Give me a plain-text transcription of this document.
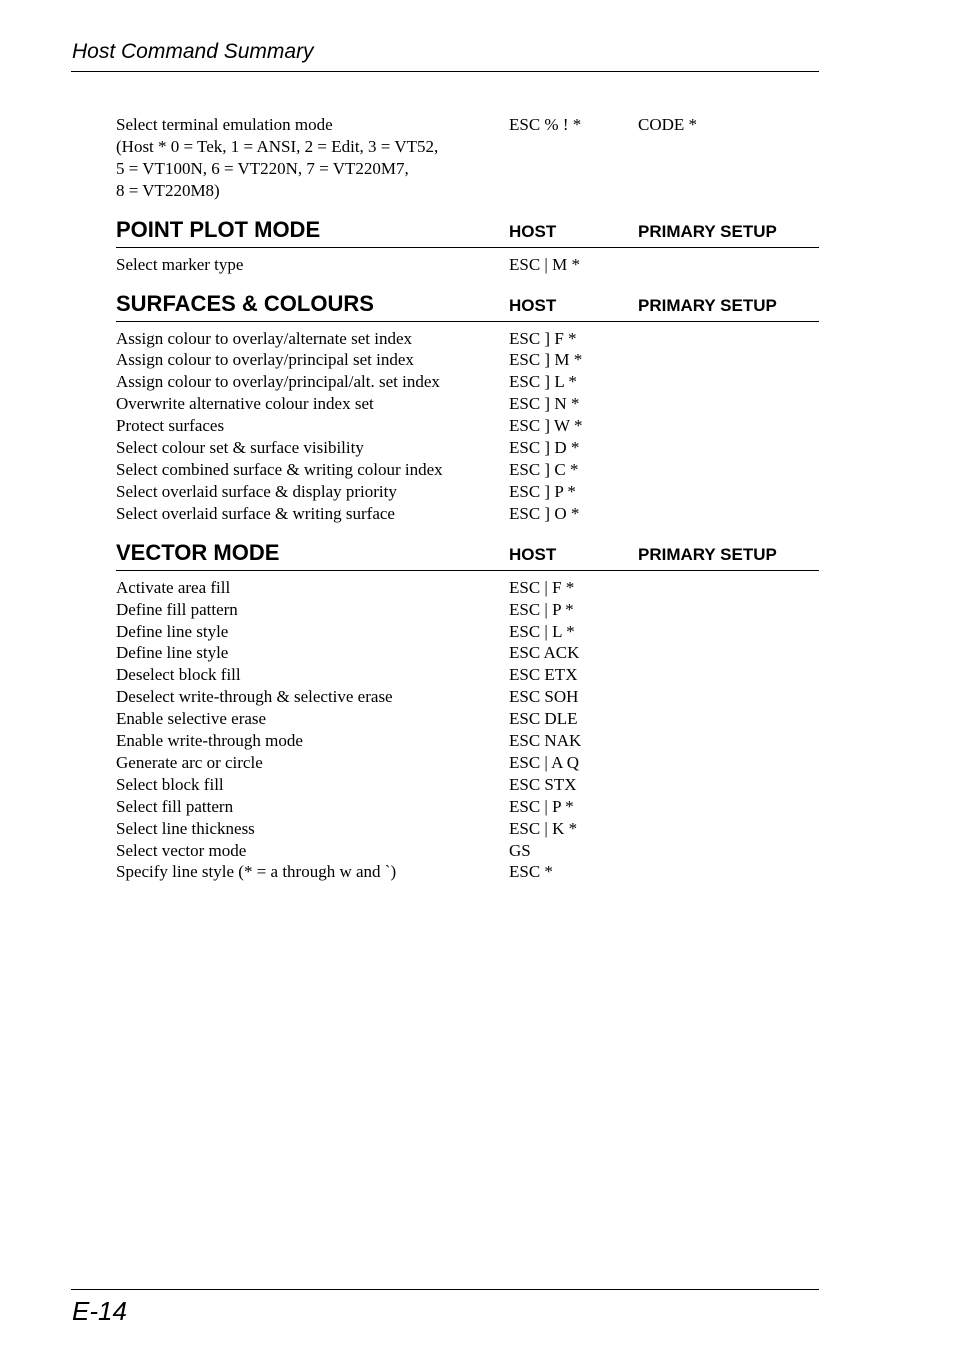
Host Command Summary
Select terminal emulation mode	ESC % ! *	CODE *
(Host * 0 = Tek, 1 = ANSI, 2 = Edit, 3 = VT52,
5 = VT100N, 6 = VT220N, 7 = VT220M7,
8 = VT220M8)
POINT PLOT MODE	HOST	PRIMARY SETUP
Select marker type	ESC | M *
SURFACES & COLOURS	HOST	PRIMARY SETUP
Assign colour to overlay/alternate set index	ESC ] F *
Assign colour to overlay/principal set index	ESC ] M *
Assign colour to overlay/principal/alt. set index	ESC ] L *
Overwrite alternative colour index set	ESC ] N *
Protect surfaces	ESC ] W *
Select colour set & surface visibility	ESC ] D *
Select combined surface & writing colour index	ESC ] C *
Select overlaid surface & display priority	ESC ] P *
Select overlaid surface & writing surface	ESC ] O *
VECTOR MODE	HOST	PRIMARY SETUP
Activate area fill	ESC | F *
Define fill pattern	ESC | P *
Define line style	ESC | L *
Define line style	ESC ACK
Deselect block fill	ESC ETX
Deselect write-through & selective erase	ESC SOH
Enable selective erase	ESC DLE
Enable write-through mode	ESC NAK
Generate arc or circle	ESC | A Q
Select block fill	ESC STX
Select fill pattern	ESC | P *
Select line thickness	ESC | K *
Select vector mode	GS
Specify line style (* = a through w and `)	ESC *
E-14
